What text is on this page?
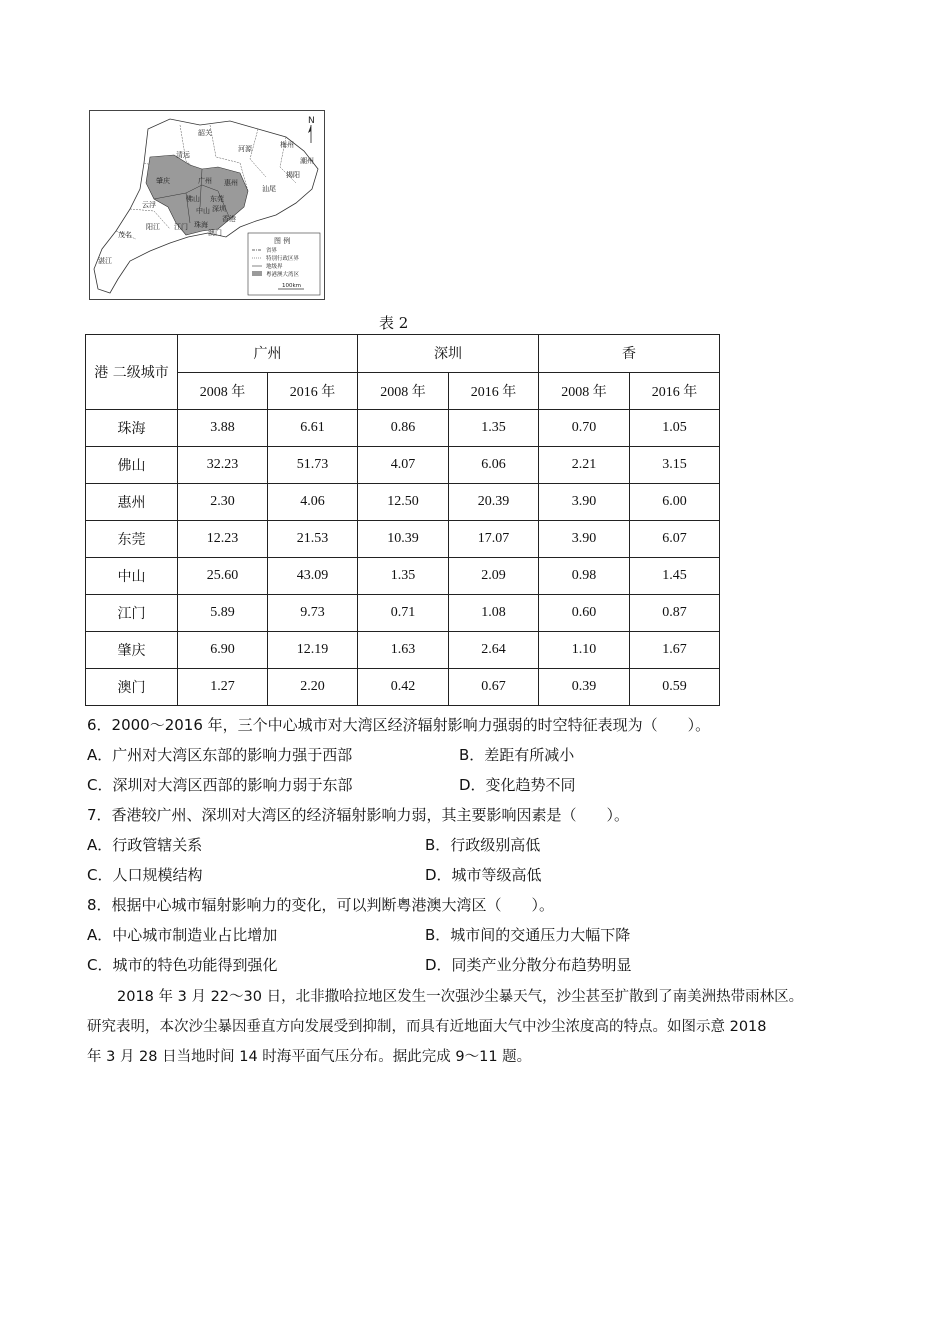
N
韶关
清远
河源	梅州
潮州
肇庆	广州 惠州
汕尾
揭阳
佛山 东莞
云浮	深圳
中山
江门 珠海
香港
澳门
茂名
阳江
湛江
图 例
省界
特别行政区界
地级界
粤港澳大湾区
100km
表 2
港 二级城市	广州		深圳		香	
	2008 年	2016 年	2008 年	2016 年	2008 年	2016 年
珠海	3.88	6.61	0.86	1.35	0.70	1.05
佛山	32.23	51.73	4.07	6.06	2.21	3.15
惠州	2.30	4.06	12.50	20.39	3.90	6.00
东莞	12.23	21.53	10.39	17.07	3.90	6.07
中山	25.60	43.09	1.35	2.09	0.98	1.45
江门	5.89	9.73	0.71	1.08	0.60	0.87
肇庆	6.90	12.19	1.63	2.64	1.10	1.67
澳门	1.27	2.20	0.42	0.67	0.39	0.59
6．2000～2016 年，三个中心城市对大湾区经济辐射影响力强弱的时空特征表现为（　　）。
A．广州对大湾区东部的影响力强于西部	B．差距有所减小
C．深圳对大湾区西部的影响力弱于东部	D．变化趋势不同
7．香港较广州、深圳对大湾区的经济辐射影响力弱，其主要影响因素是（　　）。
A．行政管辖关系	B．行政级别高低
C．人口规模结构	D．城市等级高低
8．根据中心城市辐射影响力的变化，可以判断粤港澳大湾区（　　）。
A．中心城市制造业占比增加	B．城市间的交通压力大幅下降
C．城市的特色功能得到强化	D．同类产业分散分布趋势明显
2018 年 3 月 22～30 日，北非撒哈拉地区发生一次强沙尘暴天气，沙尘甚至扩散到了南美洲热带雨林区。
研究表明，本次沙尘暴因垂直方向发展受到抑制，而具有近地面大气中沙尘浓度高的特点。如图示意 2018
年 3 月 28 日当地时间 14 时海平面气压分布。据此完成 9～11 题。
